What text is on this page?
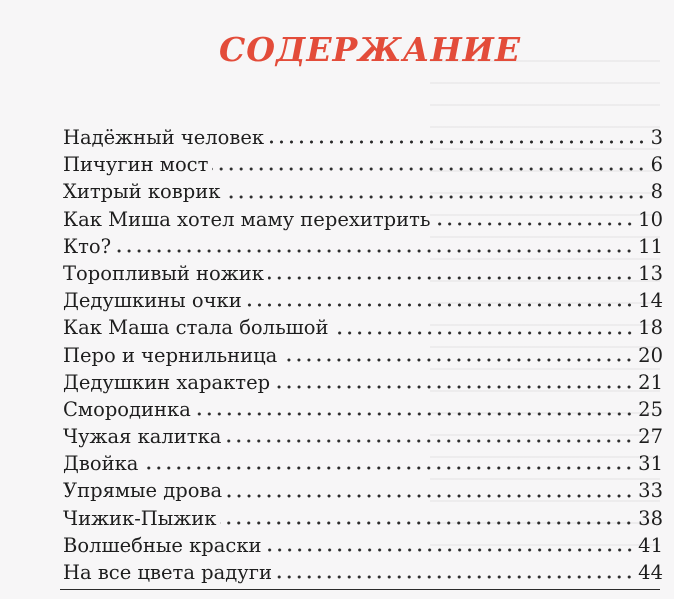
СОДЕРЖАНИЕ
Надёжный человек	3
Пичугин мост	6
Хитрый коврик	8
Как Миша хотел маму перехитрить	10
Кто?	11
Торопливый ножик	13
Дедушкины очки	14
Как Маша стала большой	18
Перо и чернильница	20
Дедушкин характер	21
Смородинка	25
Чужая калитка	27
Двойка	31
Упрямые дрова	33
Чижик-Пыжик	38
Волшебные краски	41
На все цвета радуги	44
